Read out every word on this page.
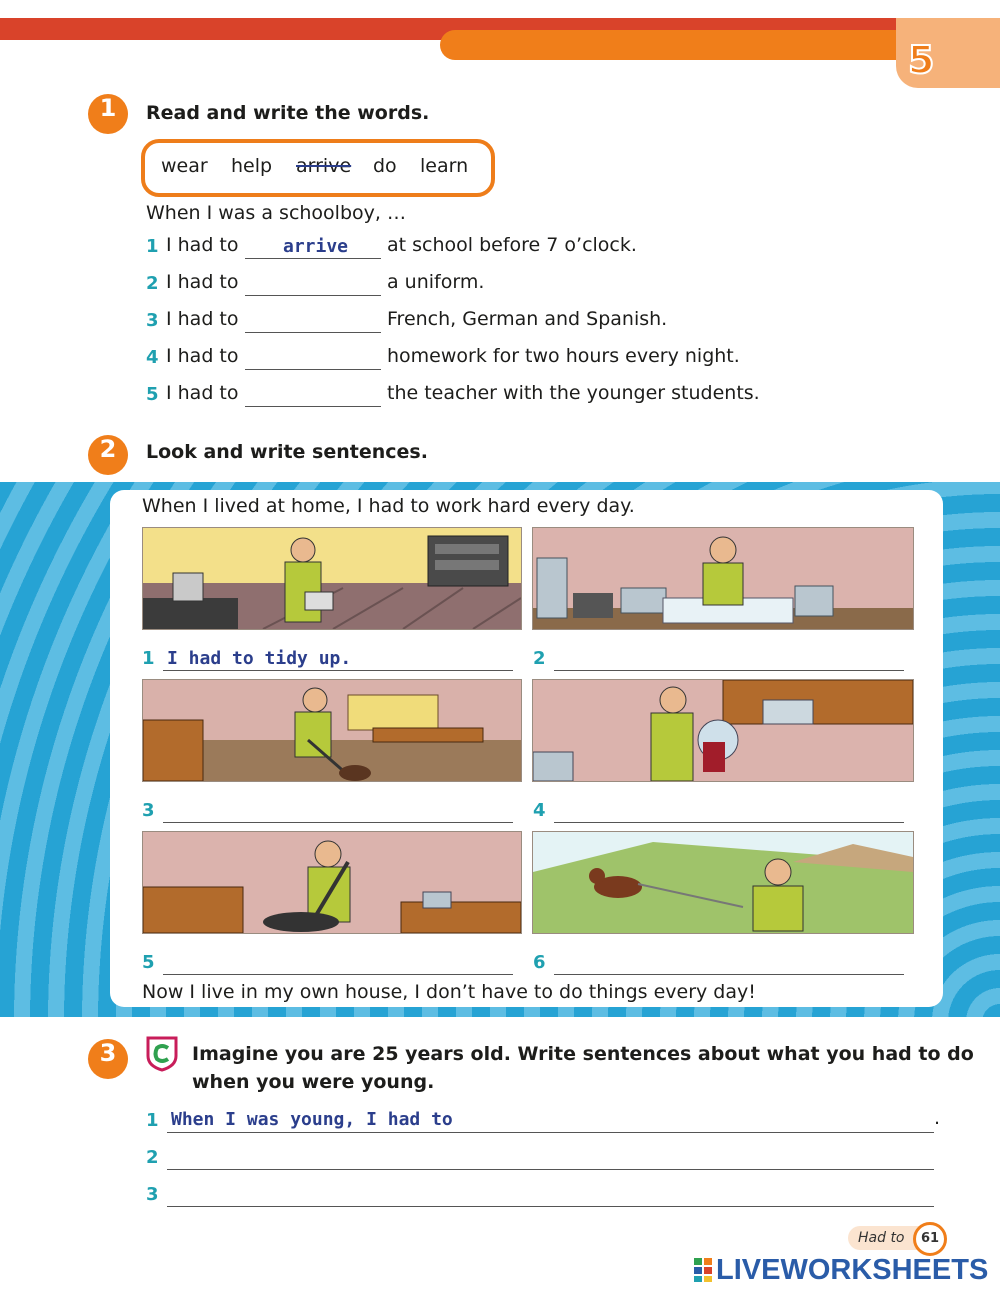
5
1	Read and write the words.
wear help arrive do learn
When I was a schoolboy, …
1 I had to arrive at school before 7 o’clock.
2 I had to	a uniform.
3 I had to	French, German and Spanish.
4 I had to	homework for two hours every night.
5 I had to	the teacher with the younger students.
2	Look and write sentences.
When I lived at home, I had to work hard every day.
1 I had to tidy up.	2
3	4
5	6
Now I live in my own house, I don’t have to do things every day!
3	Imagine you are 25 years old. Write sentences about what you had to do
when you were young.
1 When I was young, I had to	.
2
3
Had to	61
LIVEWORKSHEETS
